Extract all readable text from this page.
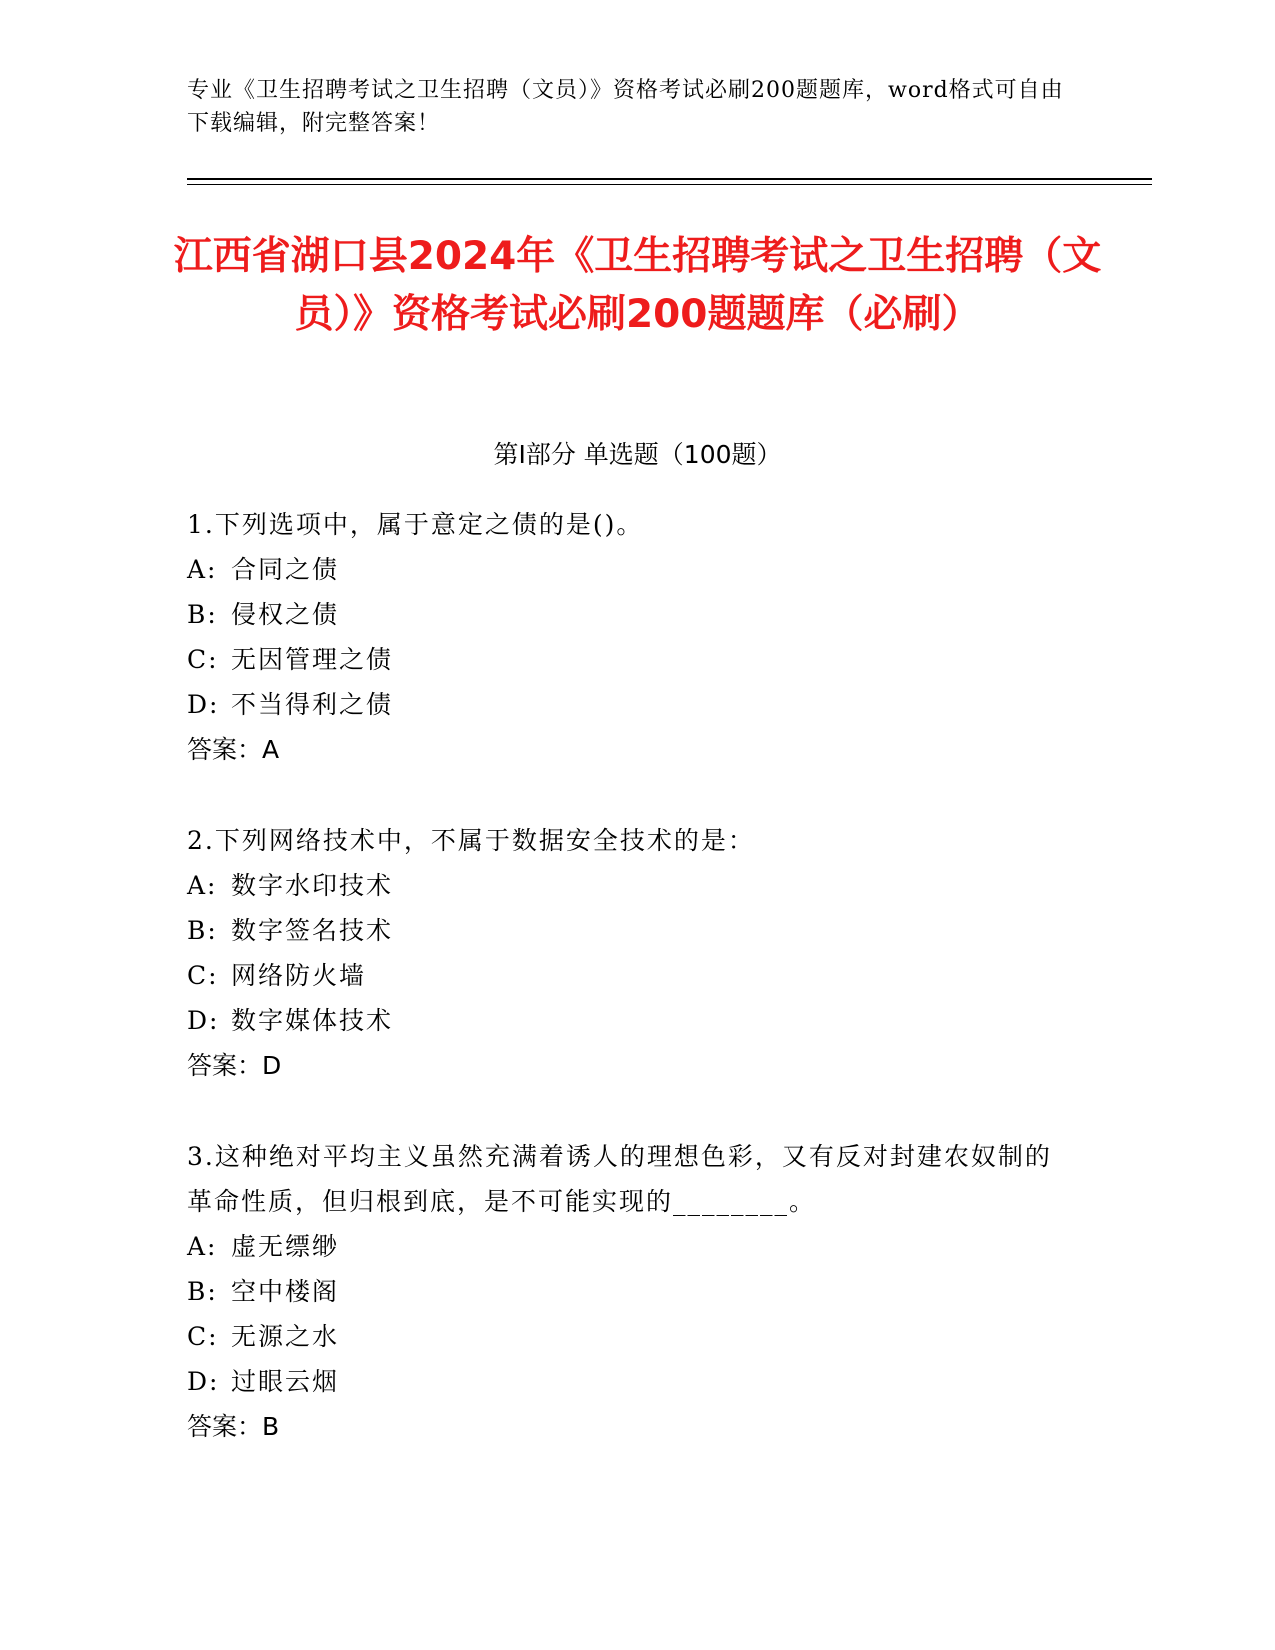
专业《卫生招聘考试之卫生招聘（文员）》资格考试必刷200题题库，word格式可自由下载编辑，附完整答案！
江西省湖口县2024年《卫生招聘考试之卫生招聘（文员）》资格考试必刷200题题库（必刷）
第I部分 单选题（100题）
1.下列选项中，属于意定之债的是()。
A: 合同之债
B: 侵权之债
C: 无因管理之债
D: 不当得利之债
答案：A
2.下列网络技术中，不属于数据安全技术的是：
A: 数字水印技术
B: 数字签名技术
C: 网络防火墙
D: 数字媒体技术
答案：D
3.这种绝对平均主义虽然充满着诱人的理想色彩，又有反对封建农奴制的革命性质，但归根到底，是不可能实现的________。
A: 虚无缥缈
B: 空中楼阁
C: 无源之水
D: 过眼云烟
答案：B
